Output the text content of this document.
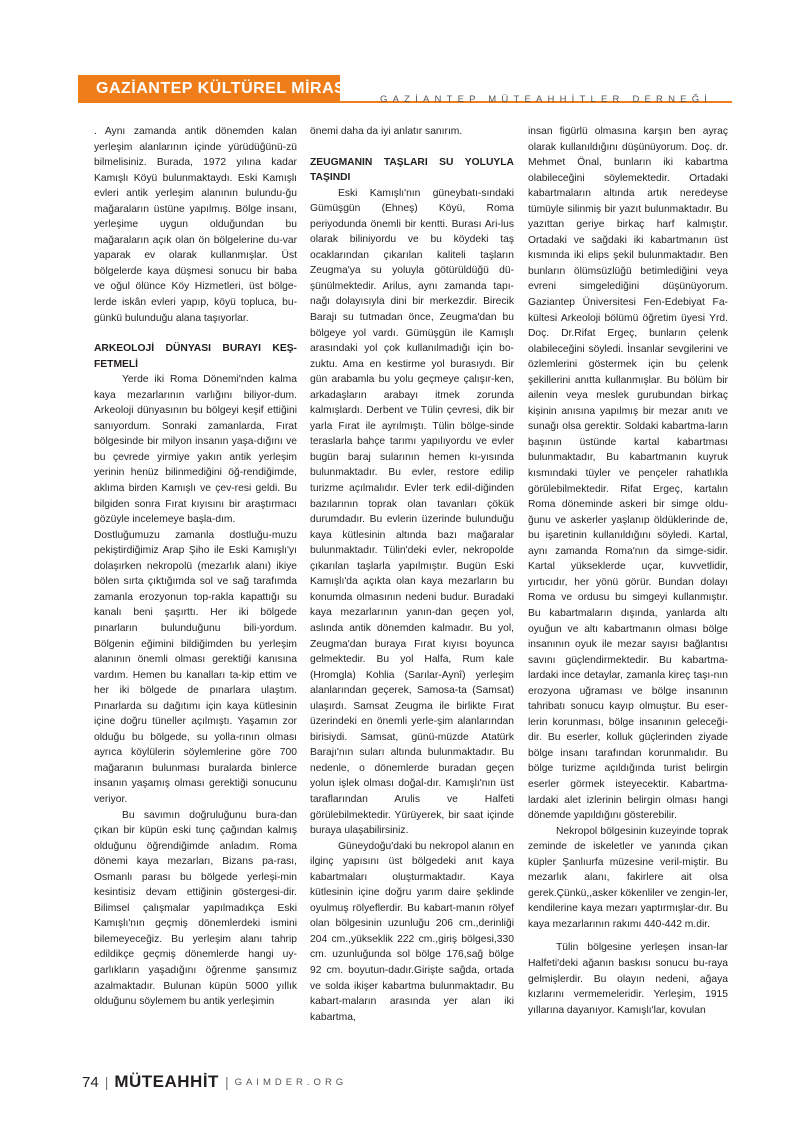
GAZİANTEP KÜLTÜREL MİRAS
GAZİANTEP MÜTEAHHİTLER DERNEĞİ

. Aynı zamanda antik dönemden kalan yerleşim alanlarının içinde yürüdüğünü-zü bilmelisiniz. Burada, 1972 yılına kadar Kamışlı Köyü bulunmaktaydı. Eski Kamışlı evleri antik yerleşim alanının bulundu-ğu mağaraların üstüne yapılmış. Bölge insanı, yerleşime uygun olduğundan bu mağaraların açık olan ön bölgelerine du-var yaparak ev olarak kullanmışlar. Üst bölgelerde kaya düşmesi sonucu bir baba ve oğul ölünce Köy Hizmetleri, üst bölge-lerde iskân evleri yapıp, köyü topluca, bu-günkü bulunduğu alana taşıyorlar.

ARKEOLOJİ DÜNYASI BURAYI KEŞ-FETMELİ

Yerde iki Roma Dönemi'nden kalma kaya mezarlarının varlığını biliyor-dum. Arkeoloji dünyasının bu bölgeyi keşif ettiğini sanıyordum. Sonraki zamanlarda, Fırat bölgesinde bir milyon insanın yaşa-dığını ve bu çevrede yirmiye yakın antik yerleşim yerinin henüz bilinmediğini öğ-rendiğimde, aklıma birden Kamışlı ve çev-resi geldi. Bu bilgiden sonra Fırat kıyısını bir araştırmacı gözüyle incelemeye başla-dım.

Dostluğumuzu zamanla dostluğu-muzu pekiştirdiğimiz Arap Şiho ile Eski Kamışlı'yı dolaşırken nekropolü (mezarlık alanı) ikiye bölen sırta çıktığımda sol ve sağ tarafımda zamanla erozyonun top-rakla kapattığı su kanalı beni şaşırttı. Her iki bölgede pınarların bulunduğunu bili-yordum. Bölgenin eğimini bildiğimden bu yerleşim alanının önemli olması gerektiği kanısına vardım. Hemen bu kanalları ta-kip ettim ve her iki bölgede de pınarlara ulaştım. Pınarlarda su dağıtımı için kaya kütlesinin içine doğru tüneller açılmıştı. Yaşamın zor olduğu bu bölgede, su yolla-rının olması ayrıca köylülerin söylemlerine göre 700 mağaranın bulunması buralarda binlerce insanın yaşamış olması gerektiği sonucunu veriyor.

Bu savımın doğruluğunu bura-dan çıkan bir küpün eski tunç çağından kalmış olduğunu öğrendiğimde anladım. Roma dönemi kaya mezarları, Bizans pa-rası, Osmanlı parası bu bölgede yerleşi-min kesintisiz devam ettiğinin göstergesi-dir. Bilimsel çalışmalar yapılmadıkça Eski Kamışlı'nın geçmiş dönemlerdeki ismini bilemeyeceğiz. Bu yerleşim alanı tahrip edildikçe geçmiş dönemlerde hangi uy-garlıkların yaşadığını öğrenme şansımız azalmaktadır. Bulunan küpün 5000 yıllık olduğunu söylemem bu antik yerleşimin

önemi daha da iyi anlatır sanırım.

ZEUGMANIN TAŞLARI SU YOLUYLA TAŞINDI

Eski Kamışlı'nın güneybatı-sındaki Gümüşgün (Ehneş) Köyü, Roma periyodunda önemli bir kentti. Burası Ari-lus olarak biliniyordu ve bu köydeki taş ocaklarından çıkarılan kaliteli taşların Zeugma'ya su yoluyla götürüldüğü dü-şünülmektedir. Arilus, aynı zamanda tapı-nağı dolayısıyla dini bir merkezdir. Birecik Barajı su tutmadan önce, Zeugma'dan bu bölgeye yol vardı. Gümüşgün ile Kamışlı arasındaki yol çok kullanılmadığı için bo-zuktu. Ama en kestirme yol burasıydı. Bir gün arabamla bu yolu geçmeye çalışır-ken, arkadaşların arabayı itmek zorunda kalmışlardı. Derbent ve Tülin çevresi, dik bir yarla Fırat ile ayrılmıştı. Tülin bölge-sinde teraslarla bahçe tarımı yapılıyordu ve evler bugün baraj sularının hemen kı-yısında bulunmaktadır. Bu evler, restore edilip turizme açılmalıdır. Evler terk edil-diğinden bazılarının toprak olan tavanları çökük durumdadır. Bu evlerin üzerinde bulunduğu kaya kütlesinin altında bazı mağaralar bulunmaktadır. Tülin'deki evler, nekropolde çıkarılan taşlarla yapılmıştır. Bugün Eski Kamışlı'da açıkta olan kaya mezarların bu konumda olmasının nedeni budur. Buradaki kaya mezarlarının yanın-dan geçen yol, aslında antik dönemden kalmadır. Bu yol, Zeugma'dan buraya Fırat kıyısı boyunca gelmektedir. Bu yol Halfa, Rum kale (Hromgla) Kohlia (Sarılar-Aynî) yerleşim alanlarından geçerek, Samosa-ta (Samsat) ulaşırdı. Samsat Zeugma ile birlikte Fırat üzerindeki en önemli yerle-şim alanlarından birisiydi. Samsat, günü-müzde Atatürk Barajı'nın suları altında bulunmaktadır. Bu nedenle, o dönemlerde buradan geçen yolun işlek olması doğal-dır. Kamışlı'nın üst taraflarından Arulis ve Halfeti görülebilmektedir. Yürüyerek, bir saat içinde buraya ulaşabilirsiniz.

Güneydoğu'daki bu nekropol alanın en ilginç yapısını üst bölgedeki anıt kaya kabartmaları oluşturmaktadır. Kaya kütlesinin içine doğru yarım daire şeklinde oyulmuş rölyeflerdir. Bu kabart-manın rölyef olan bölgesinin uzunluğu 206 cm.,derinliği 204 cm.,yükseklik 222 cm.,giriş bölgesi,330 cm. uzunluğunda sol bölge 176,sağ bölge 92 cm. boyutun-dadır.Girişte sağda, ortada ve solda ikişer kabartma bulunmaktadır. Bu kabart-maların arasında yer alan iki kabartma,

insan figürlü olmasına karşın ben ayraç olarak kullanıldığını düşünüyorum. Doç. dr. Mehmet Önal, bunların iki kabartma olabileceğini söylemektedir. Ortadaki kabartmaların altında artık neredeyse tümüyle silinmiş bir yazıt bulunmaktadır. Bu yazıttan geriye birkaç harf kalmıştır. Ortadaki ve sağdaki iki kabartmanın üst kısmında iki elips şekil bulunmaktadır. Ben bunların ölümsüzlüğü betimlediğini veya evreni simgelediğini düşünüyorum. Gaziantep Üniversitesi Fen-Edebiyat Fa-kültesi Arkeoloji bölümü öğretim üyesi Yrd. Doç. Dr.Rifat Ergeç, bunların çelenk olabileceğini söyledi. İnsanlar sevgilerini ve özlemlerini göstermek için bu çelenk şekillerini anıtta kullanmışlar. Bu bölüm bir ailenin veya meslek gurubundan birkaç kişinin anısına yapılmış bir mezar anıtı ve sunağı olsa gerektir. Soldaki kabartma-ların başının üstünde kartal kabartması bulunmaktadır, Bu kabartmanın kuyruk kısmındaki tüyler ve pençeler rahatlıkla görülebilmektedir. Rifat Ergeç, kartalın Roma döneminde askeri bir simge oldu-ğunu ve askerler yaşlanıp öldüklerinde de, bu işaretinin kullanıldığını söyledi. Kartal, aynı zamanda Roma'nın da simge-sidir. Kartal yükseklerde uçar, kuvvetlidir, yırtıcıdır, her yönü görür. Bundan dolayı Roma ve ordusu bu simgeyi kullanmıştır. Bu kabartmaların dışında, yanlarda altı oyuğun ve altı kabartmanın olması bölge insanının oyuk ile mezar sayısı bağlantısı savını güçlendirmektedir. Bu kabartma-lardaki ince detaylar, zamanla kireç taşı-nın erozyona uğraması ve bölge insanının tahribatı sonucu kayıp olmuştur. Bu eser-lerin korunması, bölge insanının geleceği-dir. Bu eserler, kolluk güçlerinden ziyade bölge insanı tarafından korunmalıdır. Bu bölge turizme açıldığında turist belirgin eserler görmek isteyecektir. Kabartma-lardaki alet izlerinin belirgin olması hangi dönemde yapıldığını gösterebilir.

Nekropol bölgesinin kuzeyinde toprak zeminde de iskeletler ve yanında çıkan küpler Şanlıurfa müzesine veril-miştir. Bu mezarlık alanı, fakirlere ait olsa gerek.Çünkü,,asker kökenliler ve zengin-ler, kendilerine kaya mezarı yaptırmışlar-dır. Bu kaya mezarlarının rakımı 440-442 m.dir.

Tülin bölgesine yerleşen insan-lar Halfeti'deki ağanın baskısı sonucu bu-raya gelmişlerdir. Bu olayın nedeni, ağaya kızlarını vermemeleridir. Yerleşim, 1915 yıllarına dayanıyor. Kamışlı'lar, kovulan

74 | MÜTEAHHİT | GAIMDER.ORG
